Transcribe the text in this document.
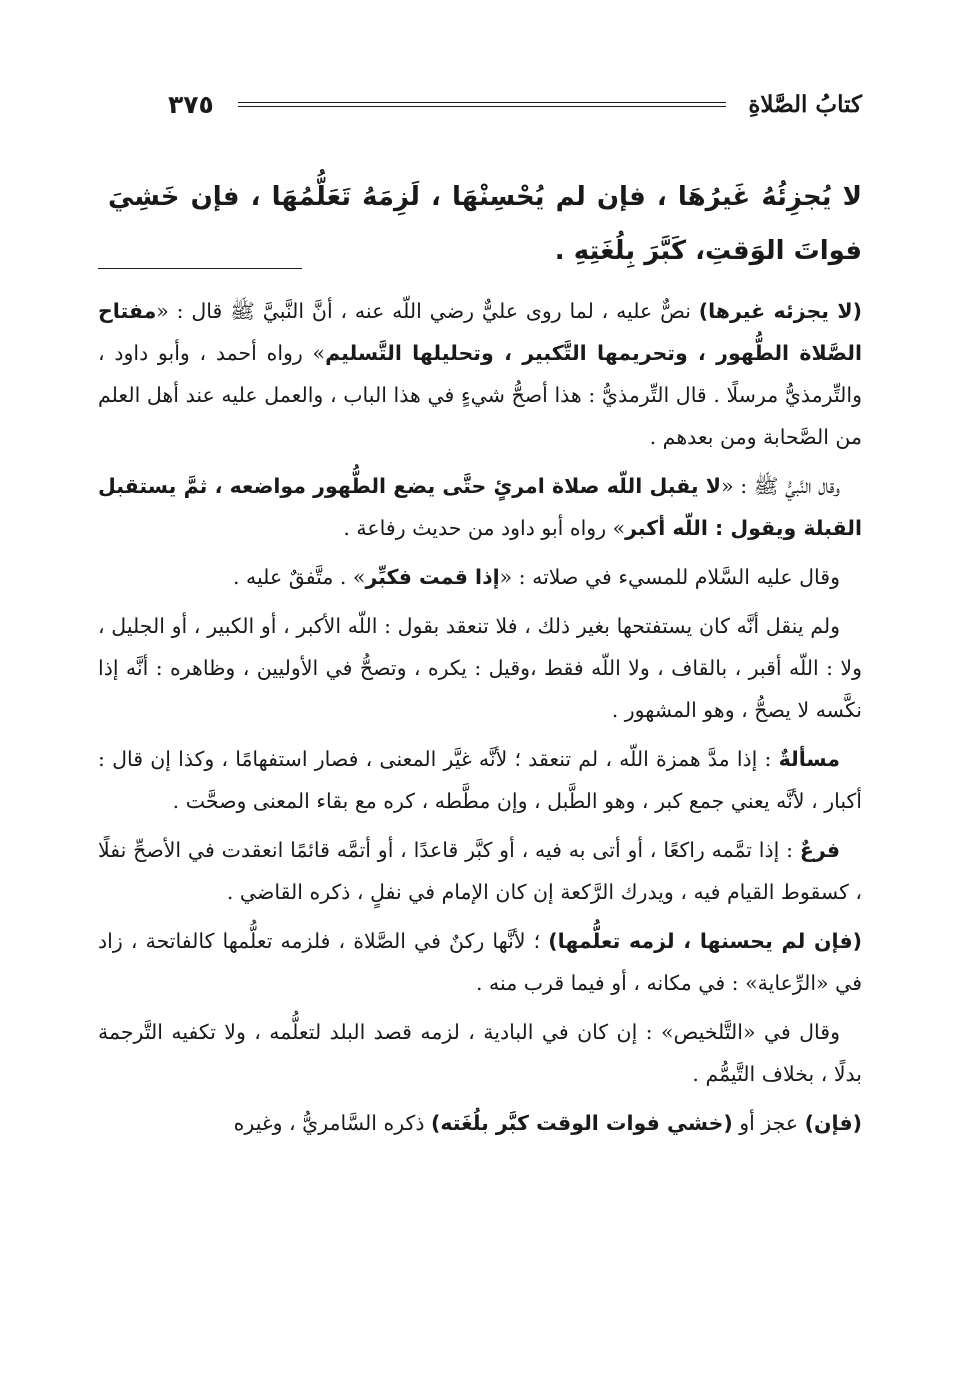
كتابُ الصَّلاةِ
٣٧٥
لا يُجزِئُهُ غَيرُهَا ، فإن لم يُحْسِنْهَا ، لَزِمَهُ تَعَلُّمُهَا ، فإن خَشِيَ فواتَ الوَقتِ، كَبَّرَ بِلُغَتِهِ .

(لا يجزئه غيرها) نصٌّ عليه ، لما روى عليٌّ رضي اللّه عنه ، أنَّ النَّبيَّ ﷺ قال : «مفتاح الصَّلاة الطُّهور ، وتحريمها التَّكبير ، وتحليلها التَّسليم» رواه أحمد ، وأبو داود ، والتِّرمذيُّ مرسلًا . قال التِّرمذيُّ : هذا أصحُّ شيءٍ في هذا الباب ، والعمل عليه عند أهل العلم من الصَّحابة ومن بعدهم .

وقال النَّبيُّ ﷺ : «لا يقبل اللّه صلاة امرئٍ حتَّى يضع الطُّهور مواضعه ، ثمَّ يستقبل القبلة ويقول : اللّه أكبر» رواه أبو داود من حديث رفاعة .

وقال عليه السَّلام للمسيء في صلاته : «إذا قمت فكبِّر» . متَّفقٌ عليه .

ولم ينقل أنَّه كان يستفتحها بغير ذلك ، فلا تنعقد بقول : اللّه الأكبر ، أو الكبير ، أو الجليل ، ولا : اللّه أقبر ، بالقاف ، ولا اللّه فقط ،وقيل : يكره ، وتصحُّ في الأوليين ، وظاهره : أنَّه إذا نكَّسه لا يصحُّ ، وهو المشهور .

مسألةٌ : إذا مدَّ همزة اللّه ، لم تنعقد ؛ لأنَّه غيَّر المعنى ، فصار استفهامًا ، وكذا إن قال : أكبار ، لأنَّه يعني جمع كبر ، وهو الطَّبل ، وإن مطَّطه ، كره مع بقاء المعنى وصحَّت .

فرعٌ : إذا تمَّمه راكعًا ، أو أتى به فيه ، أو كبَّر قاعدًا ، أو أتمَّه قائمًا انعقدت في الأصحِّ نفلًا ، كسقوط القيام فيه ، ويدرك الرَّكعة إن كان الإمام في نفلٍ ، ذكره القاضي .

(فإن لم يحسنها ، لزمه تعلُّمها) ؛ لأنَّها ركنٌ في الصَّلاة ، فلزمه تعلُّمها كالفاتحة ، زاد في «الرِّعاية» : في مكانه ، أو فيما قرب منه .

وقال في «التَّلخيص» : إن كان في البادية ، لزمه قصد البلد لتعلُّمه ، ولا تكفيه التَّرجمة بدلًا ، بخلاف التَّيمُّم .

(فإن) عجز أو (خشي فوات الوقت كبَّر بلُغَته) ذكره السَّامريُّ ، وغيره
